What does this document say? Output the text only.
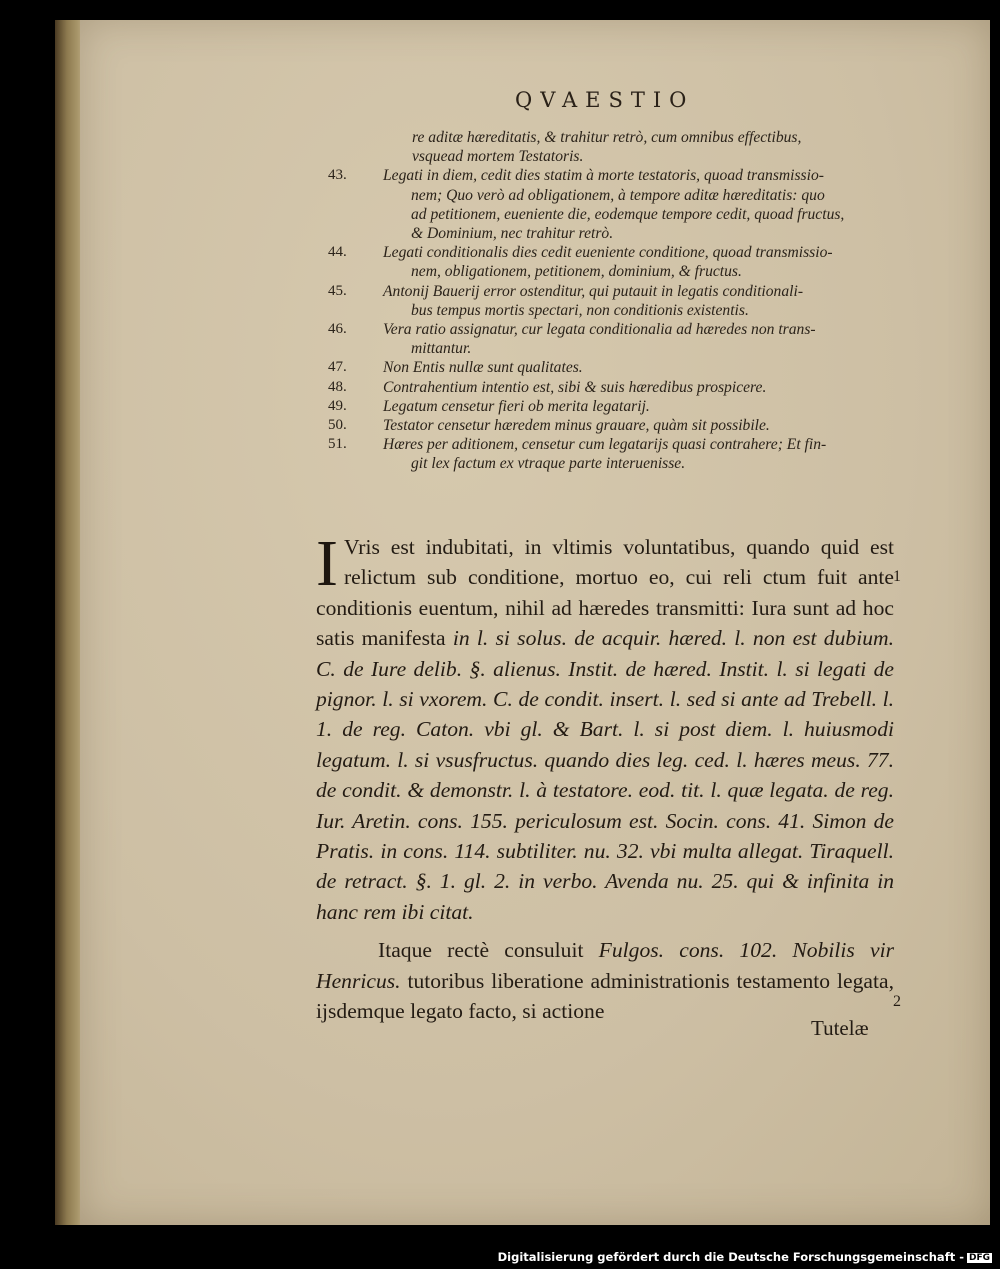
QVAESTIO
re aditæ hæreditatis, & trahitur retrò, cum omnibus effectibus,
vsquead mortem Testatoris.
43. Legati in diem, cedit dies statim à morte testatoris, quoad transmissio-
nem; Quo verò ad obligationem, à tempore aditæ hæreditatis: quo
ad petitionem, eueniente die, eodemque tempore cedit, quoad fructus,
& Dominium, nec trahitur retrò.
44. Legati conditionalis dies cedit eueniente conditione, quoad transmissio-
nem, obligationem, petitionem, dominium, & fructus.
45. Antonij Bauerij error ostenditur, qui putauit in legatis conditionali-
bus tempus mortis spectari, non conditionis existentis.
46. Vera ratio assignatur, cur legata conditionalia ad hæredes non trans-
mittantur.
47. Non Entis nullæ sunt qualitates.
48. Contrahentium intentio est, sibi & suis hæredibus prospicere.
49. Legatum censetur fieri ob merita legatarij.
50. Testator censetur hæredem minus grauare, quàm sit possibile.
51. Hæres per aditionem, censetur cum legatarijs quasi contrahere; Et fin-
git lex factum ex vtraque parte interuenisse.

I Vris est indubitati, in vltimis voluntatibus, quando quid est relictum sub conditione, mortuo eo, cui reli ctum fuit ante conditionis euentum, nihil ad hæredes transmitti: Iura sunt ad hoc satis manifesta in l. si solus. de acquir. hæred. l. non est dubium. C. de Iure delib. §. alienus. Instit. de hæred. Instit. l. si legati de pignor. l. si vxorem. C. de condit. insert. l. sed si ante ad Trebell. l. 1. de reg. Caton. vbi gl. & Bart. l. si post diem. l. huiusmodi legatum. l. si vsusfructus. quando dies leg. ced. l. hæres meus. 77. de condit. & demonstr. l. à testatore. eod. tit. l. quæ legata. de reg. Iur. Aretin. cons. 155. periculosum est. Socin. cons. 41. Simon de Pratis. in cons. 114. subtiliter. nu. 32. vbi multa allegat. Tiraquell. de retract. §. 1. gl. 2. in verbo. Avenda nu. 25. qui & infinita in hanc rem ibi citat.

Itaque rectè consuluit Fulgos. cons. 102. Nobilis vir Henricus. tutoribus liberatione administrationis testamento legata, ijsdemque legato facto, si actione

1
2
Tutelæ
Digitalisierung gefördert durch die Deutsche Forschungsgemeinschaft - DFG
